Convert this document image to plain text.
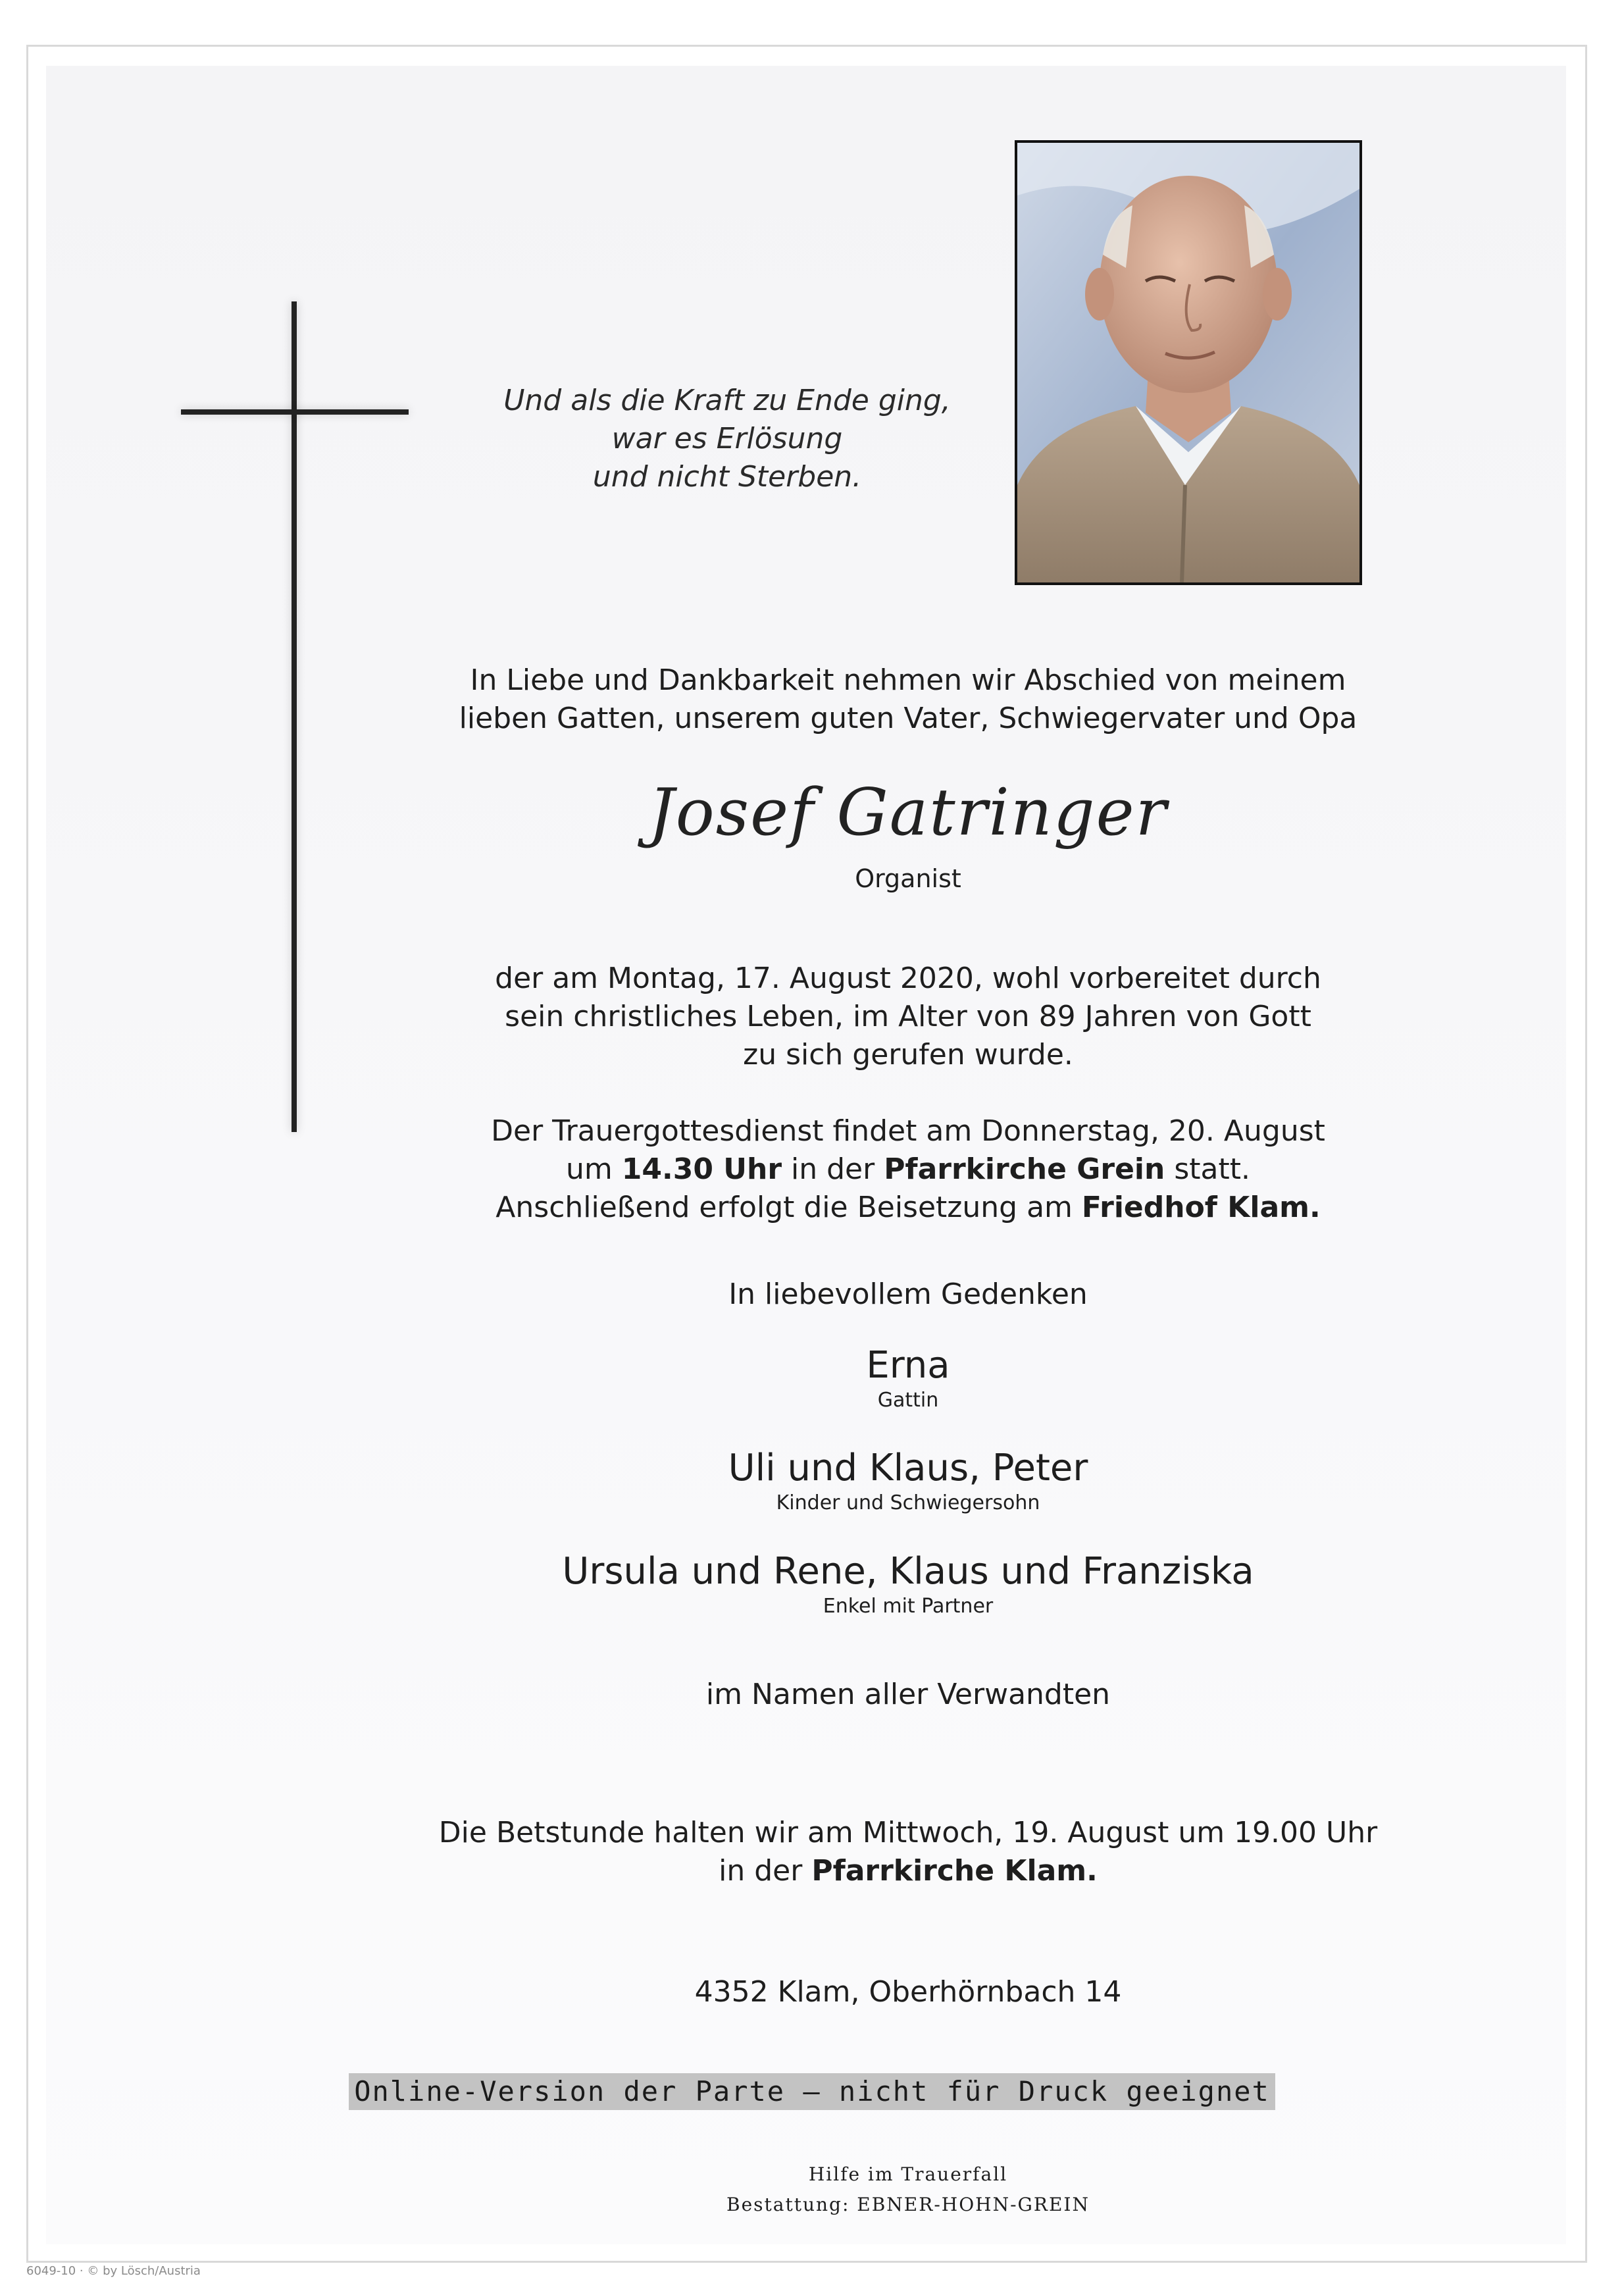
Und als die Kraft zu Ende ging,
war es Erlösung
und nicht Sterben.
In Liebe und Dankbarkeit nehmen wir Abschied von meinem
lieben Gatten, unserem guten Vater, Schwiegervater und Opa
Josef Gatringer
Organist
der am Montag, 17. August 2020, wohl vorbereitet durch
sein christliches Leben, im Alter von 89 Jahren von Gott
zu sich gerufen wurde.
Der Trauergottesdienst findet am Donnerstag, 20. August
um 14.30 Uhr in der Pfarrkirche Grein statt.
Anschließend erfolgt die Beisetzung am Friedhof Klam.
In liebevollem Gedenken
Erna
Gattin
Uli und Klaus, Peter
Kinder und Schwiegersohn
Ursula und Rene, Klaus und Franziska
Enkel mit Partner
im Namen aller Verwandten
Die Betstunde halten wir am Mittwoch, 19. August um 19.00 Uhr
in der Pfarrkirche Klam.
4352 Klam, Oberhörnbach 14
Online-Version der Parte – nicht für Druck geeignet
Hilfe im Trauerfall
Bestattung: EBNER-HOHN-GREIN
6049-10 · © by Lösch/Austria
